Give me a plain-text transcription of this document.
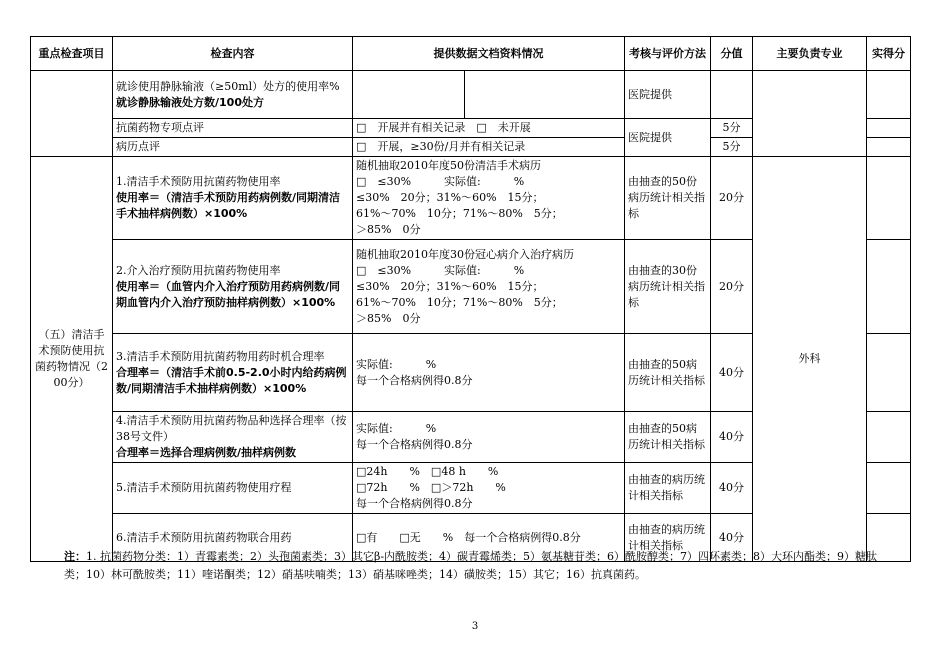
重点检查项目	检查内容	提供数据文档资料情况		考核与评价方法	分值	主要负责专业	实得分

	就诊使用静脉输液（≥50ml）处方的使用率%
就诊静脉输液处方数/100处方			医院提供			
	抗菌药物专项点评	□　开展并有相关记录　□　未开展		医院提供	5分		
	病历点评	□　开展，≥30份/月并有相关记录			5分		
（五）清洁手术预防使用抗菌药物情况（200分）	1.清洁手术预防用抗菌药物使用率
使用率＝（清洁手术预防用药病例数/同期清洁手术抽样病例数）×100%	随机抽取2010年度50份清洁手术病历
□　≤30%　　　实际值:　　　%
≤30%　20分；31%～60%　15分；
61%～70%　10分；71%～80%　5分；
＞85%　0分		由抽查的50份病历统计相关指标	20分	外科	

	2.介入治疗预防用抗菌药物使用率
使用率＝（血管内介入治疗预防用药病例数/同期血管内介入治疗预防抽样病例数）×100%	随机抽取2010年度30份冠心病介入治疗病历
□　≤30%　　　实际值:　　　%
≤30%　20分；31%～60%　15分；
61%～70%　10分；71%～80%　5分；
＞85%　0分		由抽查的30份病历统计相关指标	20分		

	3.清洁手术预防用抗菌药物用药时机合理率
合理率＝（清洁手术前0.5-2.0小时内给药病例数/同期清洁手术抽样病例数）×100%	实际值:　　　%
每一个合格病例得0.8分		由抽查的50病历统计相关指标	40分		

	4.清洁手术预防用抗菌药物品种选择合理率（按38号文件）
合理率＝选择合理病例数/抽样病例数	实际值:　　　%
每一个合格病例得0.8分		由抽查的50病历统计相关指标	40分		
	5.清洁手术预防用抗菌药物使用疗程	□24h　　%　□48 h　　%
□72h　　%　□＞72h　　%
每一个合格病例得0.8分		由抽查的病历统计相关指标	40分		
	6.清洁手术预防用抗菌药物联合用药	□有　　□无　　%　每一个合格病例得0.8分		由抽查的病历统计相关指标	40分		
注：1. 抗菌药物分类：1）青霉素类；2）头孢菌素类；3）其它β-内酰胺类；4）碳青霉烯类；5）氨基糖苷类；6）酰胺醇类；7）四环素类；8）大环内酯类；9）糖肽类；10）林可酰胺类；11）喹诺酮类；12）硝基呋喃类；13）硝基咪唑类；14）磺胺类；15）其它；16）抗真菌药。
3
